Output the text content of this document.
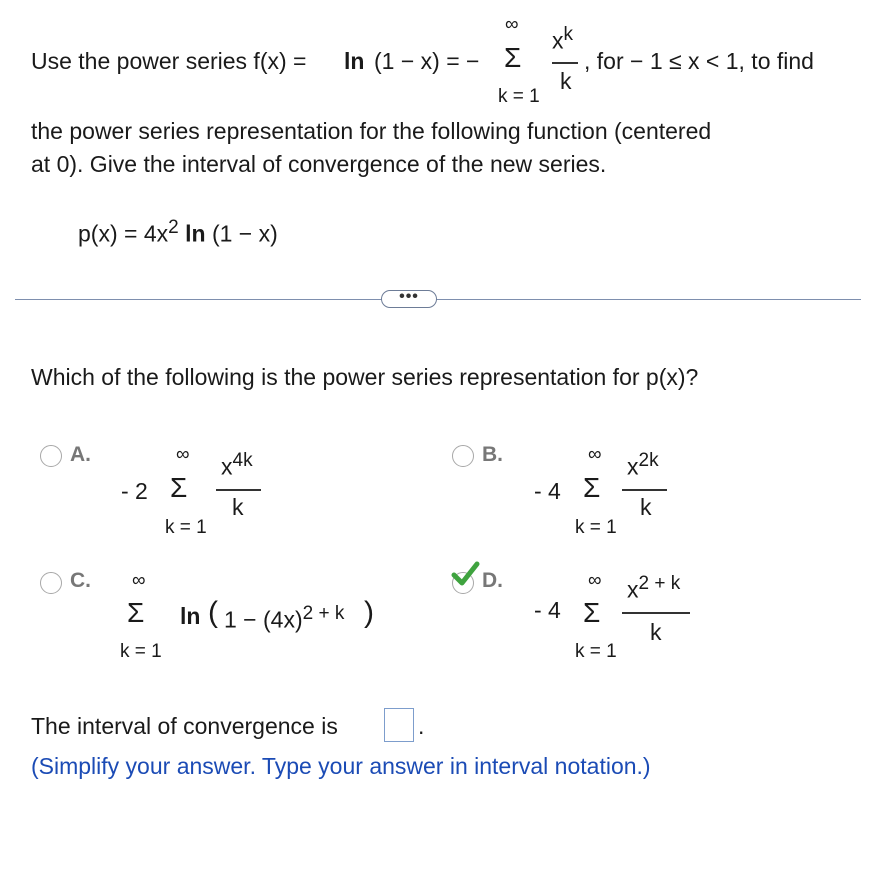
Use the power series f(x) = ln (1 − x) = −
∞
Σ
k = 1
$x^k$
k
, for − 1 ≤ x < 1, to find
the power series representation for the following function (centered
at 0). Give the interval of convergence of the new series.
$p(x) = 4x^2$ ln (1 − x)
•••
Which of the following is the power series representation for p(x)?
A.
- 2
∞
Σ
k = 1
$x^{4k}$
k
B.
- 4
∞
Σ
k = 1
$x^{2k}$
k
C. ∞
Σ
k = 1
ln ( $1 - (4x)^{2 + k}$ )
D.
- 4
∞
Σ
k = 1
$x^{2 + k}$
k
The interval of convergence is	.
(Simplify your answer. Type your answer in interval notation.)
